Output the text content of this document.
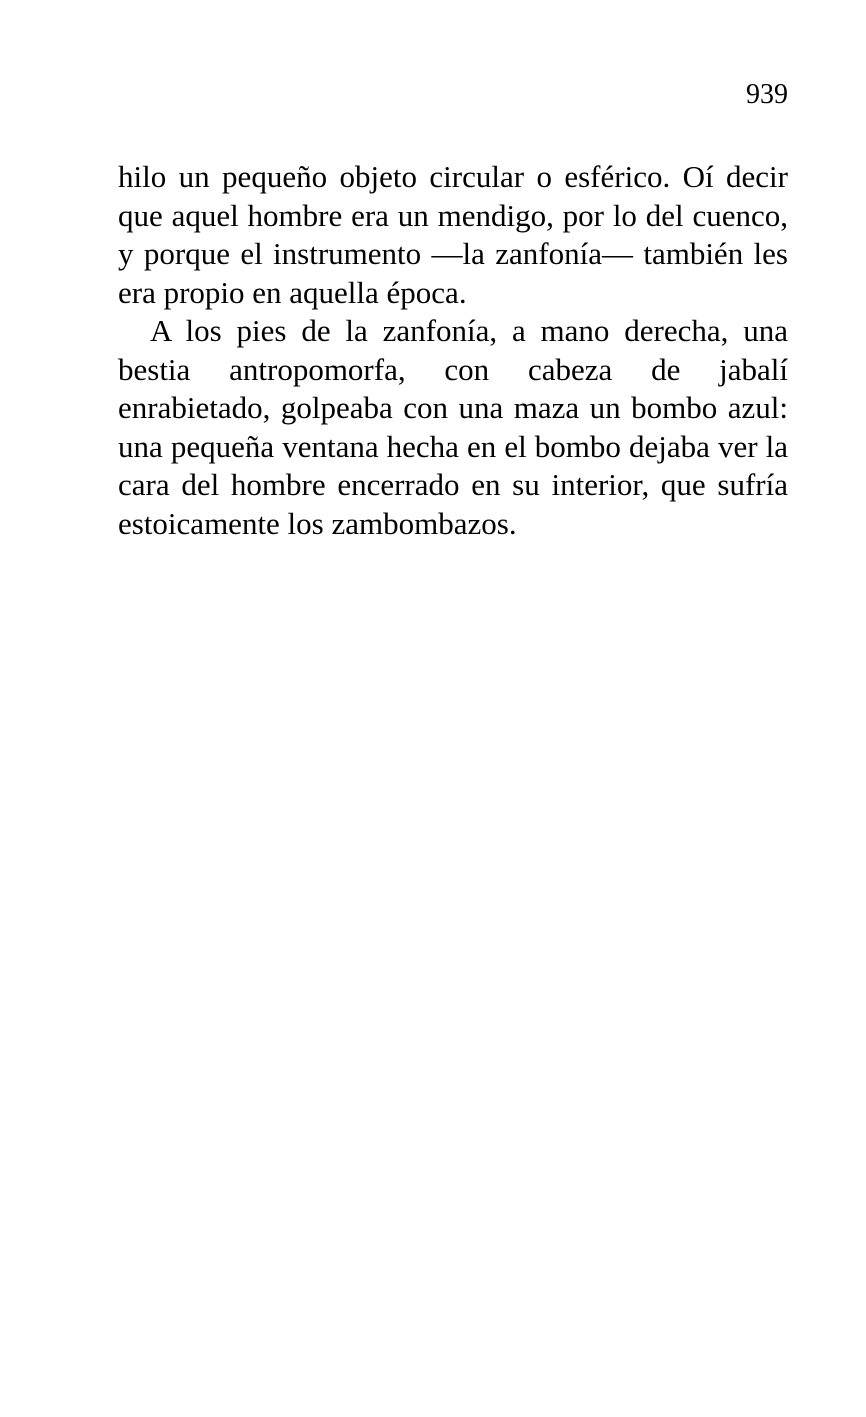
939

hilo un pequeño objeto circular o esférico. Oí decir que aquel hombre era un mendigo, por lo del cuenco, y porque el instrumento —la zanfonía— también les era propio en aquella época.

A los pies de la zanfonía, a mano derecha, una bestia antropomorfa, con cabeza de jabalí enrabietado, golpeaba con una maza un bombo azul: una pequeña ventana hecha en el bombo dejaba ver la cara del hombre encerrado en su interior, que sufría estoicamente los zambombazos.
